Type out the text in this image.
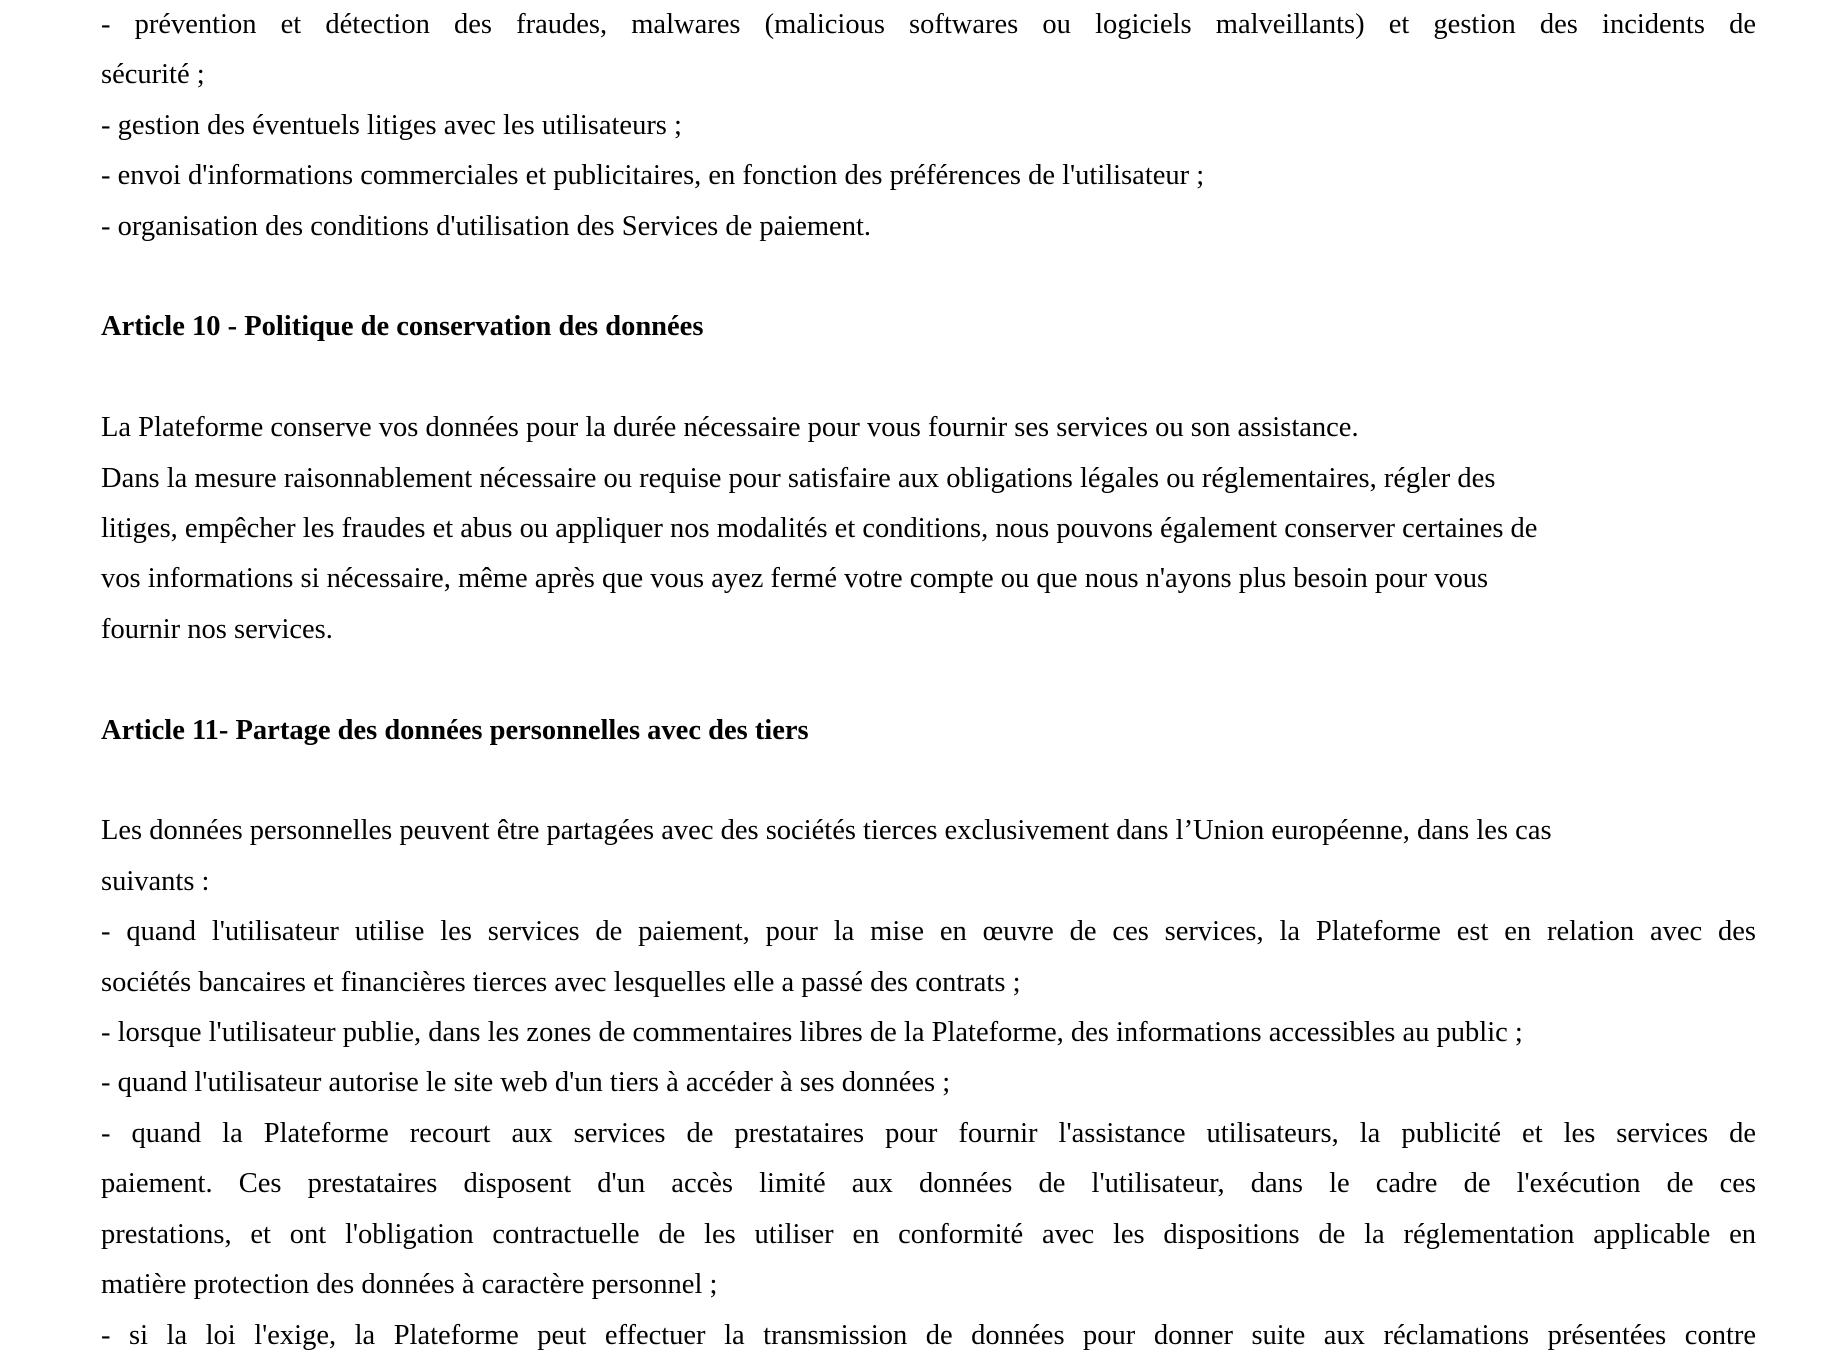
- prévention et détection des fraudes, malwares (malicious softwares ou logiciels malveillants) et gestion des incidents de

sécurité ;

- gestion des éventuels litiges avec les utilisateurs ;

- envoi d'informations commerciales et publicitaires, en fonction des préférences de l'utilisateur ;

- organisation des conditions d'utilisation des Services de paiement.

Article 10 - Politique de conservation des données

La Plateforme conserve vos données pour la durée nécessaire pour vous fournir ses services ou son assistance.

Dans la mesure raisonnablement nécessaire ou requise pour satisfaire aux obligations légales ou réglementaires, régler des

litiges, empêcher les fraudes et abus ou appliquer nos modalités et conditions, nous pouvons également conserver certaines de

vos informations si nécessaire, même après que vous ayez fermé votre compte ou que nous n'ayons plus besoin pour vous

fournir nos services.

Article 11- Partage des données personnelles avec des tiers

Les données personnelles peuvent être partagées avec des sociétés tierces exclusivement dans l’Union européenne, dans les cas

suivants :

- quand l'utilisateur utilise les services de paiement, pour la mise en œuvre de ces services, la Plateforme est en relation avec des

sociétés bancaires et financières tierces avec lesquelles elle a passé des contrats ;

- lorsque l'utilisateur publie, dans les zones de commentaires libres de la Plateforme, des informations accessibles au public ;

- quand l'utilisateur autorise le site web d'un tiers à accéder à ses données ;

- quand la Plateforme recourt aux services de prestataires pour fournir l'assistance utilisateurs, la publicité et les services de

paiement. Ces prestataires disposent d'un accès limité aux données de l'utilisateur, dans le cadre de l'exécution de ces

prestations, et ont l'obligation contractuelle de les utiliser en conformité avec les dispositions de la réglementation applicable en

matière protection des données à caractère personnel ;

- si la loi l'exige, la Plateforme peut effectuer la transmission de données pour donner suite aux réclamations présentées contre
